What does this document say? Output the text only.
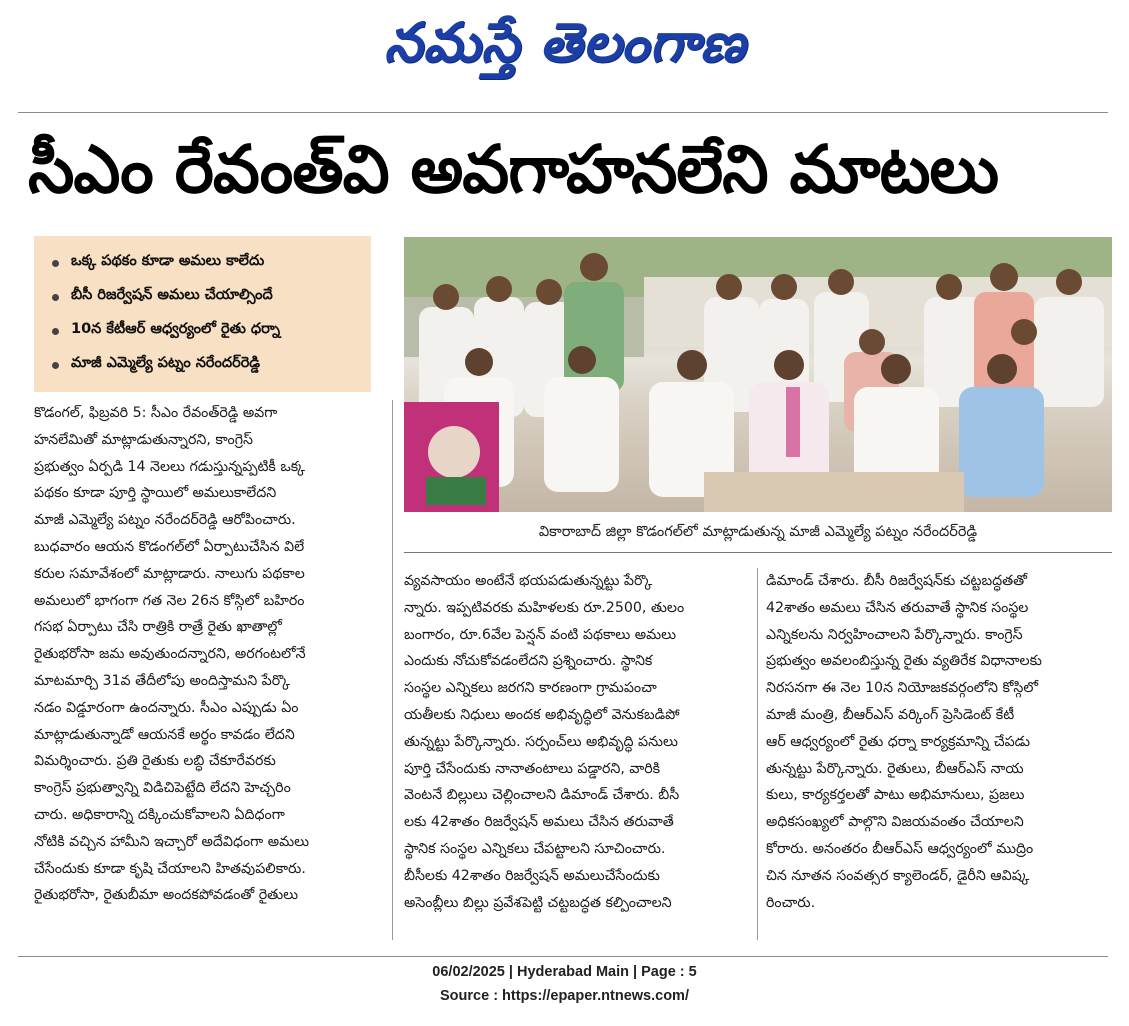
నమస్తే తెలంగాణ
సీఎం రేవంత్‌వి అవగాహనలేని మాటలు
ఒక్క పథకం కూడా అమలు కాలేదు
బీసీ రిజర్వేషన్ అమలు చేయాల్సిందే
10న కేటీఆర్ ఆధ్వర్యంలో రైతు ధర్నా
మాజీ ఎమ్మెల్యే పట్నం నరేందర్‌రెడ్డి
వికారాబాద్ జిల్లా కొడంగల్‌లో మాట్లాడుతున్న మాజీ ఎమ్మెల్యే పట్నం నరేందర్‌రెడ్డి

కొడంగల్, ఫిబ్రవరి 5: సీఎం రేవంత్‌రెడ్డి అవగా

హనలేమితో మాట్లాడుతున్నారని, కాంగ్రెస్

ప్రభుత్వం ఏర్పడి 14 నెలలు గడుస్తున్నప్పటికీ ఒక్క

పథకం కూడా పూర్తి స్థాయిలో అమలుకాలేదని

మాజీ ఎమ్మెల్యే పట్నం నరేందర్‌రెడ్డి ఆరోపించారు.

బుధవారం ఆయన కొడంగల్‌లో ఏర్పాటుచేసిన విలే

కరుల సమావేశంలో మాట్లాడారు. నాలుగు పథకాల

అమలులో భాగంగా గత నెల 26న కోస్గిలో బహిరం

గసభ ఏర్పాటు చేసి రాత్రికి రాత్రే రైతు ఖాతాల్లో

రైతుభరోసా జమ అవుతుందన్నారని, అరగంటలోనే

మాటమార్చి 31వ తేదీలోపు అందిస్తామని పేర్కొ

నడం విడ్డూరంగా ఉందన్నారు. సీఎం ఎప్పుడు ఏం

మాట్లాడుతున్నాడో ఆయనకే అర్థం కావడం లేదని

విమర్శించారు. ప్రతి రైతుకు లబ్ధి చేకూరేవరకు

కాంగ్రెస్ ప్రభుత్వాన్ని విడిచిపెట్టేది లేదని హెచ్చరిం

చారు. అధికారాన్ని దక్కించుకోవాలని ఏదిధంగా

నోటికి వచ్చిన హామీని ఇచ్చారో అదేవిధంగా అమలు

చేసేందుకు కూడా కృషి చేయాలని హితవుపలికారు.

రైతుభరోసా, రైతుబీమా అందకపోవడంతో రైతులు

వ్యవసాయం అంటేనే భయపడుతున్నట్టు పేర్కొ

న్నారు. ఇప్పటివరకు మహిళలకు రూ.2500, తులం

బంగారం, రూ.6వేల పెన్షన్ వంటి పథకాలు అమలు

ఎందుకు నోచుకోవడంలేదని ప్రశ్నించారు. స్థానిక

సంస్థల ఎన్నికలు జరగని కారణంగా గ్రామపంచా

యతీలకు నిధులు అందక అభివృద్ధిలో వెనుకబడిపో

తున్నట్టు పేర్కొన్నారు. సర్పంచ్‌లు అభివృద్ధి పనులు

పూర్తి చేసేందుకు నానాతంటాలు పడ్డారని, వారికి

వెంటనే బిల్లులు చెల్లించాలని డిమాండ్ చేశారు. బీసీ

లకు 42శాతం రిజర్వేషన్ అమలు చేసిన తరువాతే

స్థానిక సంస్థల ఎన్నికలు చేపట్టాలని సూచించారు.

బీసీలకు 42శాతం రిజర్వేషన్ అమలుచేసేందుకు

అసెంబ్లీలు బిల్లు ప్రవేశపెట్టి చట్టబద్ధత కల్పించాలని

డిమాండ్ చేశారు. బీసీ రిజర్వేషన్‌కు చట్టబద్ధతతో

42శాతం అమలు చేసిన తరువాతే స్థానిక సంస్థల

ఎన్నికలను నిర్వహించాలని పేర్కొన్నారు. కాంగ్రెస్

ప్రభుత్వం అవలంబిస్తున్న రైతు వ్యతిరేక విధానాలకు

నిరసనగా ఈ నెల 10న నియోజకవర్గంలోని కోస్గిలో

మాజీ మంత్రి, బీఆర్‌ఎస్ వర్కింగ్ ప్రెసిడెంట్ కేటీ

ఆర్ ఆధ్వర్యంలో రైతు ధర్నా కార్యక్రమాన్ని చేపడు

తున్నట్టు పేర్కొన్నారు. రైతులు, బీఆర్‌ఎస్ నాయ

కులు, కార్యకర్తలతో పాటు అభిమానులు, ప్రజలు

అధికసంఖ్యలో పాల్గొని విజయవంతం చేయాలని

కోరారు. అనంతరం బీఆర్‌ఎస్ ఆధ్వర్యంలో ముద్రిం

చిన నూతన సంవత్సర క్యాలెండర్, డైరీని ఆవిష్క

రించారు.

06/02/2025 | Hyderabad Main | Page : 5
Source : https://epaper.ntnews.com/
